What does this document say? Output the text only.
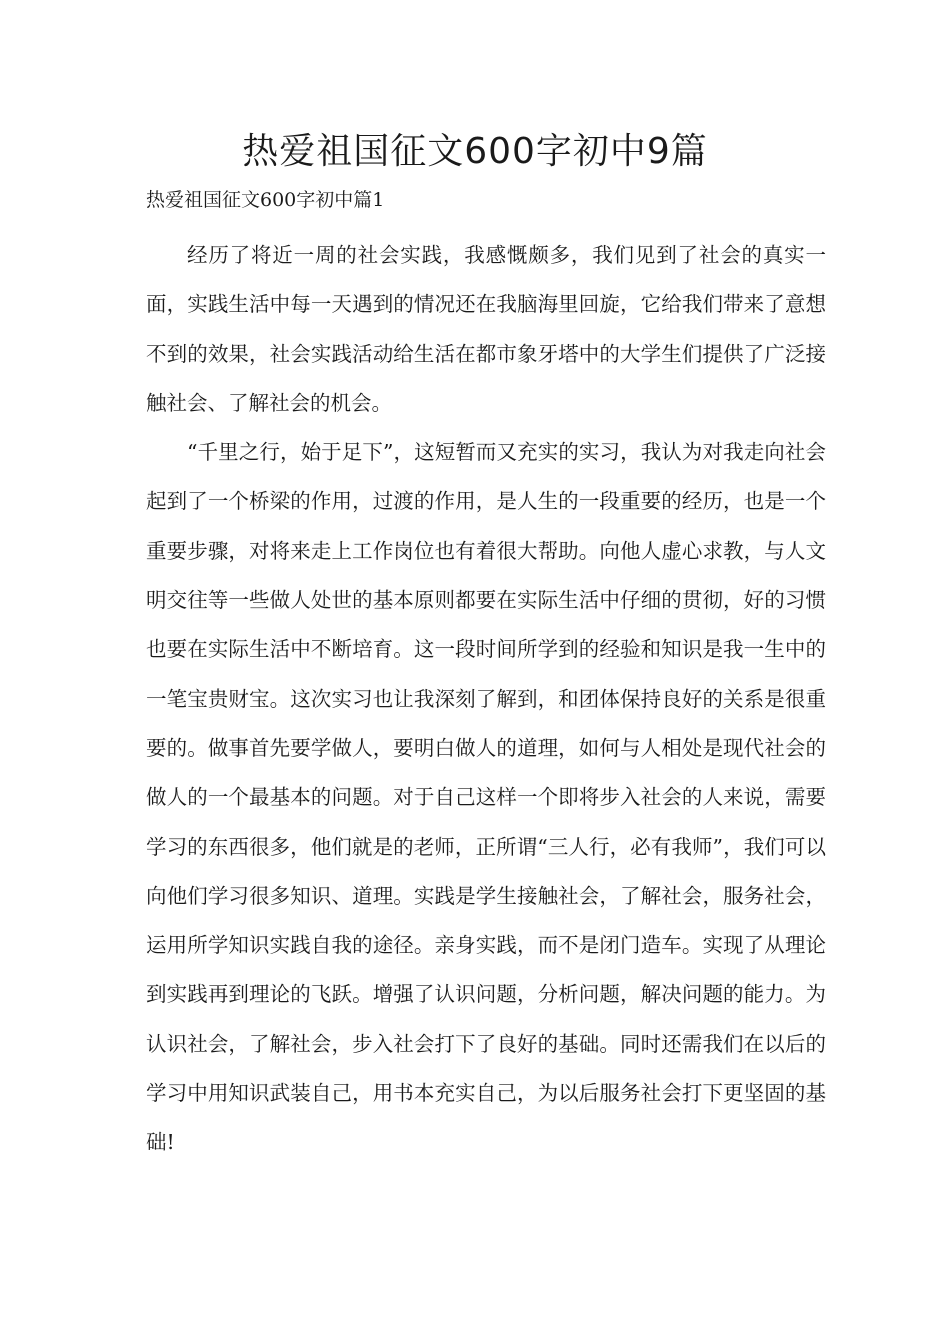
热爱祖国征文600字初中9篇
热爱祖国征文600字初中篇1

经历了将近一周的社会实践，我感慨颇多，我们见到了社会的真实一面，实践生活中每一天遇到的情况还在我脑海里回旋，它给我们带来了意想不到的效果，社会实践活动给生活在都市象牙塔中的大学生们提供了广泛接触社会、了解社会的机会。

“千里之行，始于足下”，这短暂而又充实的实习，我认为对我走向社会起到了一个桥梁的作用，过渡的作用，是人生的一段重要的经历，也是一个重要步骤，对将来走上工作岗位也有着很大帮助。向他人虚心求教，与人文明交往等一些做人处世的基本原则都要在实际生活中仔细的贯彻，好的习惯也要在实际生活中不断培育。这一段时间所学到的经验和知识是我一生中的一笔宝贵财宝。这次实习也让我深刻了解到，和团体保持良好的关系是很重要的。做事首先要学做人，要明白做人的道理，如何与人相处是现代社会的做人的一个最基本的问题。对于自己这样一个即将步入社会的人来说，需要学习的东西很多，他们就是的老师，正所谓“三人行，必有我师”，我们可以向他们学习很多知识、道理。实践是学生接触社会，了解社会，服务社会，运用所学知识实践自我的途径。亲身实践，而不是闭门造车。实现了从理论到实践再到理论的飞跃。增强了认识问题，分析问题，解决问题的能力。为认识社会，了解社会，步入社会打下了良好的基础。同时还需我们在以后的学习中用知识武装自己，用书本充实自己，为以后服务社会打下更坚固的基础!
